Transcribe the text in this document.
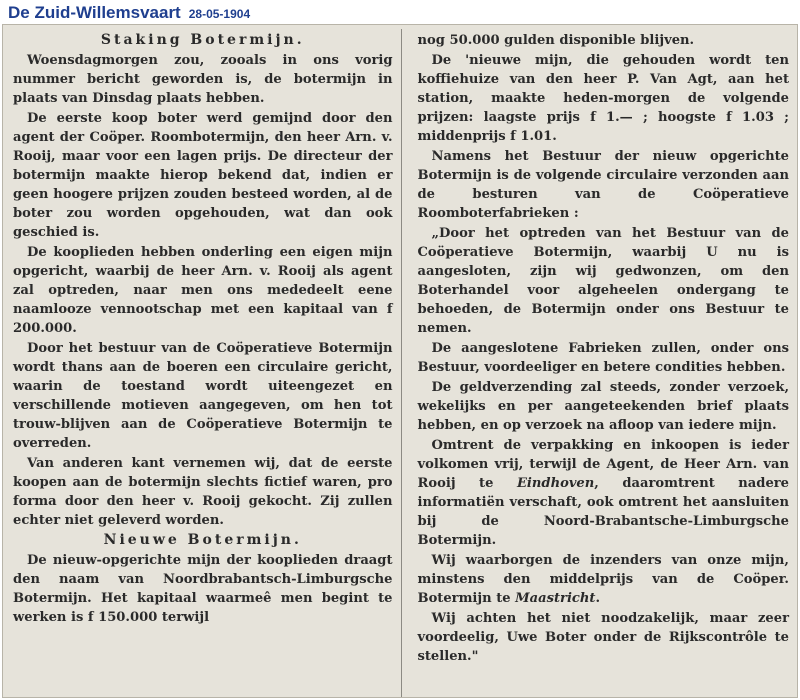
De Zuid-Willemsvaart 28-05-1904
Staking Botermijn.

Woensdagmorgen zou, zooals in ons vorig nummer bericht geworden is, de botermijn in plaats van Dinsdag plaats hebben.

De eerste koop boter werd gemijnd door den agent der Coöper. Roombotermijn, den heer Arn. v. Rooij, maar voor een lagen prijs. De directeur der botermijn maakte hierop bekend dat, indien er geen hoogere prijzen zouden besteed worden, al de boter zou worden opgehouden, wat dan ook geschied is.

De kooplieden hebben onderling een eigen mijn opgericht, waarbij de heer Arn. v. Rooij als agent zal optreden, naar men ons mededeelt eene naamlooze vennootschap met een kapitaal van f 200.000.

Door het bestuur van de Coöperatieve Botermijn wordt thans aan de boeren een circulaire gericht, waarin de toestand wordt uiteengezet en verschillende motieven aangegeven, om hen tot trouw-blijven aan de Coöperatieve Botermijn te overreden.

Van anderen kant vernemen wij, dat de eerste koopen aan de botermijn slechts fictief waren, pro forma door den heer v. Rooij gekocht. Zij zullen echter niet geleverd worden.

Nieuwe Botermijn.

De nieuw-opgerichte mijn der kooplieden draagt den naam van Noordbrabantsch-Limburgsche Botermijn. Het kapitaal waarmeê men begint te werken is f 150.000 terwijl

nog 50.000 gulden disponible blijven.

De 'nieuwe mijn, die gehouden wordt ten koffiehuize van den heer P. Van Agt, aan het station, maakte heden-morgen de volgende prijzen: laagste prijs f 1.— ; hoogste f 1.03 ; middenprijs f 1.01.

Namens het Bestuur der nieuw opgerichte Botermijn is de volgende circulaire verzonden aan de besturen van de Coöperatieve Roomboterfabrieken :

„Door het optreden van het Bestuur van de Coöperatieve Botermijn, waarbij U nu is aangesloten, zijn wij gedwonzen, om den Boterhandel voor algeheelen ondergang te behoeden, de Botermijn onder ons Bestuur te nemen.

De aangeslotene Fabrieken zullen, onder ons Bestuur, voordeeliger en betere condities hebben.

De geldverzending zal steeds, zonder verzoek, wekelijks en per aangeteekenden brief plaats hebben, en op verzoek na afloop van iedere mijn.

Omtrent de verpakking en inkoopen is ieder volkomen vrij, terwijl de Agent, de Heer Arn. van Rooij te Eindhoven, daaromtrent nadere informatiën verschaft, ook omtrent het aansluiten bij de Noord-Brabantsche-Limburgsche Botermijn.

Wij waarborgen de inzenders van onze mijn, minstens den middelprijs van de Coöper. Botermijn te Maastricht.

Wij achten het niet noodzakelijk, maar zeer voordeelig, Uwe Boter onder de Rijkscontrôle te stellen."
